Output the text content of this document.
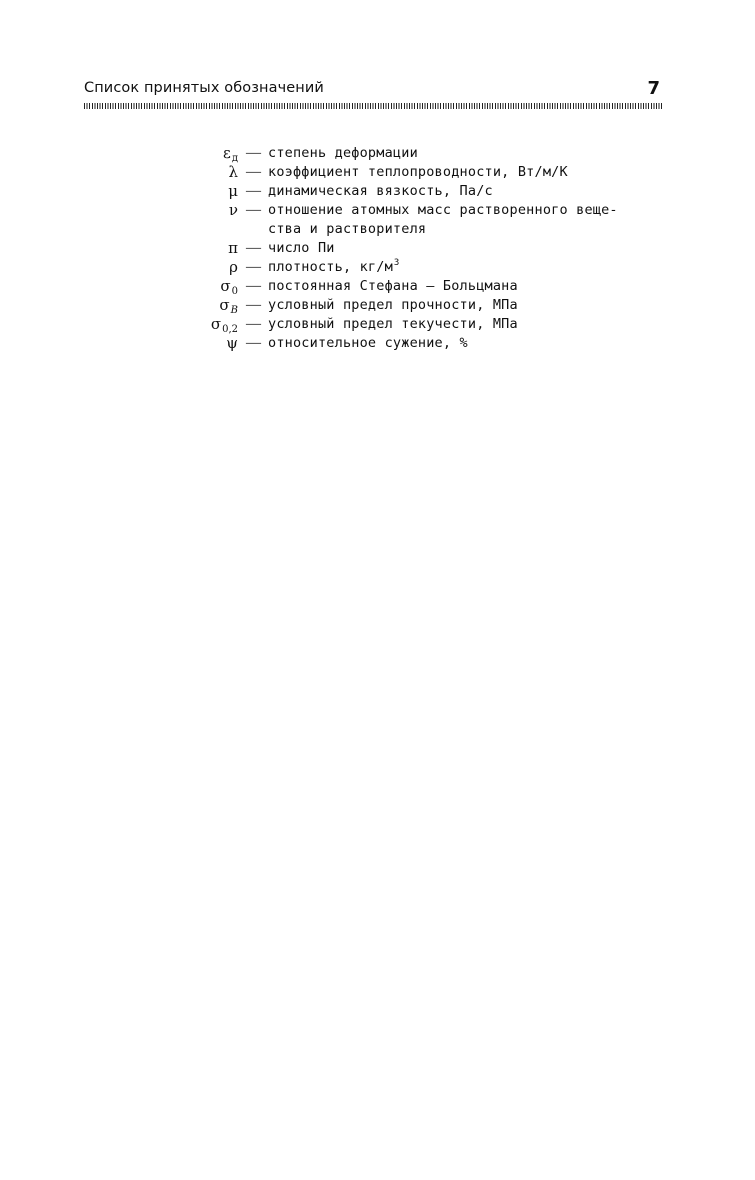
Список принятых обозначений	7
$\varepsilon_д$ — степень деформации
λ — коэффициент теплопроводности, Вт/м/К
μ — динамическая вязкость, Па/с
ν — отношение атомных масс растворенного веще-
ства и растворителя
π — число Пи
ρ — плотность, $кг/м^3$
$\sigma_0$ — постоянная Стефана — Больцмана
$\sigma_B$ — условный предел прочности, МПа
$\sigma_{0,2}$ — условный предел текучести, МПа
ψ — относительное сужение, %
